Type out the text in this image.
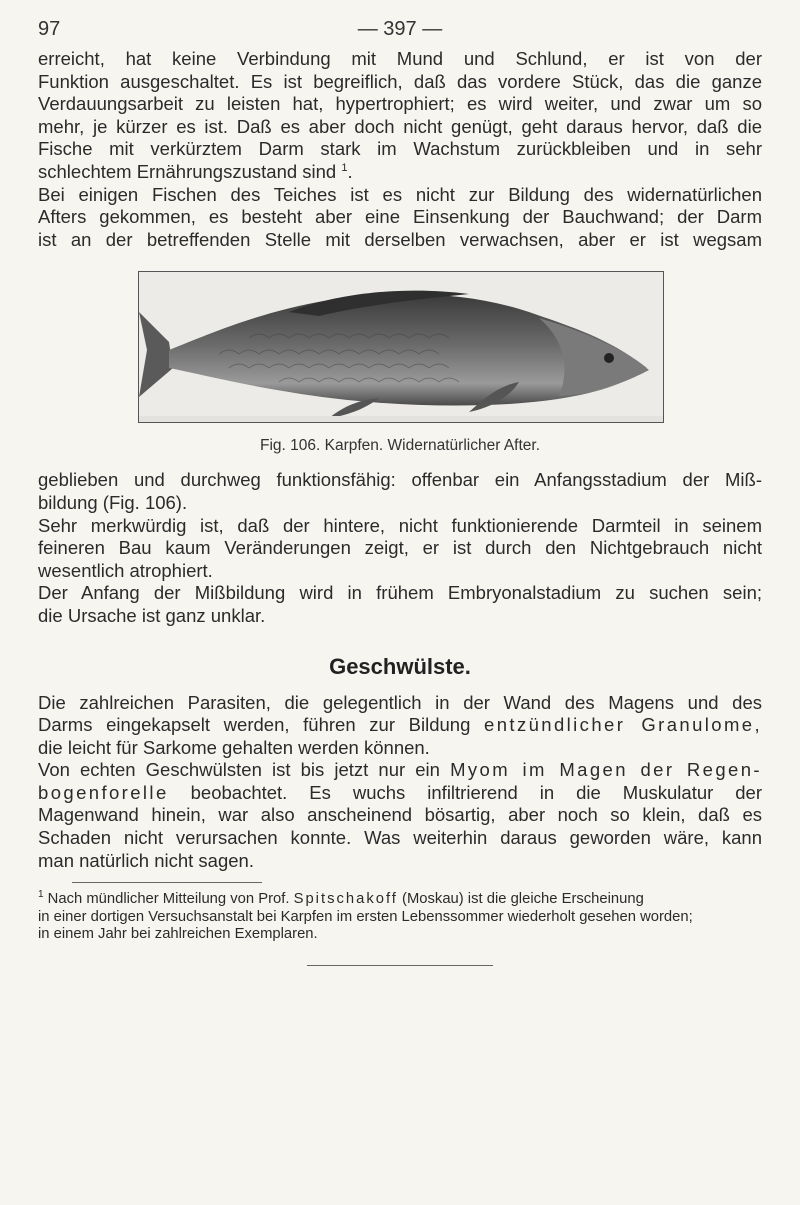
97	— 397 —

erreicht, hat keine Verbindung mit Mund und Schlund, er ist von der

Funktion ausgeschaltet. Es ist begreiflich, daß das vordere Stück, das die ganze

Verdauungsarbeit zu leisten hat, hypertrophiert; es wird weiter, und zwar um so

mehr, je kürzer es ist. Daß es aber doch nicht genügt, geht daraus hervor, daß die

Fische mit verkürztem Darm stark im Wachstum zurückbleiben und in sehr

schlechtem Ernährungszustand sind $^1$.

Bei einigen Fischen des Teiches ist es nicht zur Bildung des widernatürlichen

Afters gekommen, es besteht aber eine Einsenkung der Bauchwand; der Darm

ist an der betreffenden Stelle mit derselben verwachsen, aber er ist wegsam

Fig. 106. Karpfen. Widernatürlicher After.

geblieben und durchweg funktionsfähig: offenbar ein Anfangsstadium der Miß-

bildung (Fig. 106).

Sehr merkwürdig ist, daß der hintere, nicht funktionierende Darmteil in seinem

feineren Bau kaum Veränderungen zeigt, er ist durch den Nichtgebrauch nicht

wesentlich atrophiert.

Der Anfang der Mißbildung wird in frühem Embryonalstadium zu suchen sein;

die Ursache ist ganz unklar.

Geschwülste.

Die zahlreichen Parasiten, die gelegentlich in der Wand des Magens und des

Darms eingekapselt werden, führen zur Bildung entzündlicher Granulome,

die leicht für Sarkome gehalten werden können.

Von echten Geschwülsten ist bis jetzt nur ein Myom im Magen der Regen-

bogenforelle beobachtet. Es wuchs infiltrierend in die Muskulatur der

Magenwand hinein, war also anscheinend bösartig, aber noch so klein, daß es

Schaden nicht verursachen konnte. Was weiterhin daraus geworden wäre, kann

man natürlich nicht sagen.

$^1$ Nach mündlicher Mitteilung von Prof. Spitschakoff (Moskau) ist die gleiche Erscheinung

in einer dortigen Versuchsanstalt bei Karpfen im ersten Lebenssommer wiederholt gesehen worden;

in einem Jahr bei zahlreichen Exemplaren.
